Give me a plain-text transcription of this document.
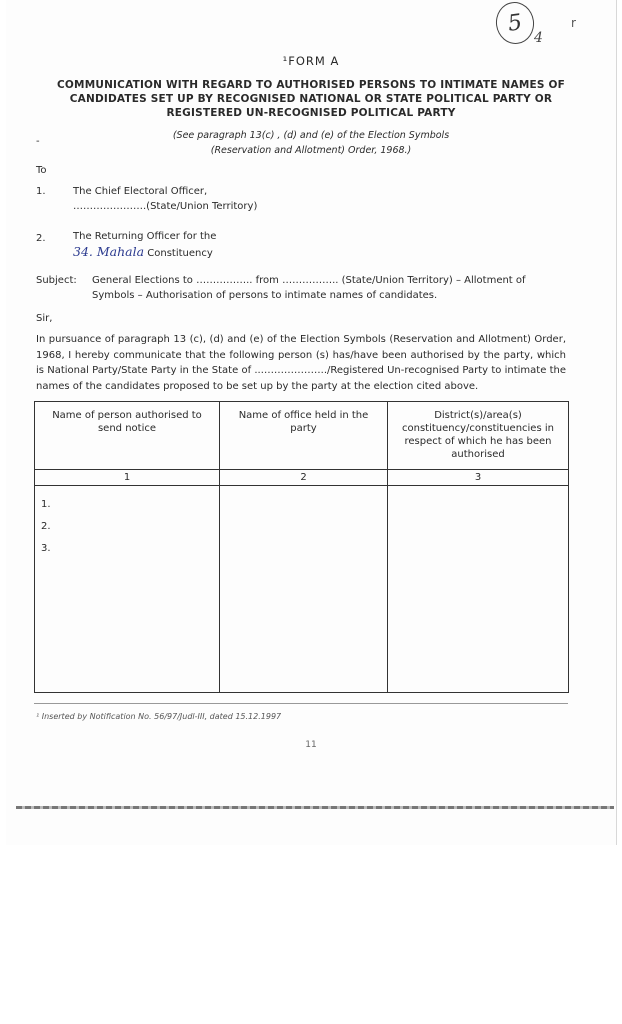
5
4
r
¹FORM A
COMMUNICATION WITH REGARD TO AUTHORISED PERSONS TO INTIMATE NAMES OF CANDIDATES SET UP BY RECOGNISED NATIONAL OR STATE POLITICAL PARTY OR REGISTERED UN-RECOGNISED POLITICAL PARTY
(See paragraph 13(c) , (d) and (e) of the Election Symbols
(Reservation and Allotment) Order, 1968.)
-
To
1.	The Chief Electoral Officer,
………………….(State/Union Territory)
2.	The Returning Officer for the
34. Mahala Constituency
Subject: General Elections to …………….. from …………….. (State/Union Territory) – Allotment of Symbols – Authorisation of persons to intimate names of candidates.
Sir,
In pursuance of paragraph 13 (c), (d) and (e) of the Election Symbols (Reservation and Allotment) Order, 1968, I hereby communicate that the following person (s) has/have been authorised by the party, which is National Party/State Party in the State of ..………………../Registered Un-recognised Party to intimate the names of the candidates proposed to be set up by the party at the election cited above.
Name of person authorised to send notice	Name of office held in the party	District(s)/area(s) constituency/constituencies in respect of which he has been authorised
1	2	3

1.
2.
3.		

¹ Inserted by Notification No. 56/97/Judl-III, dated 15.12.1997
11
